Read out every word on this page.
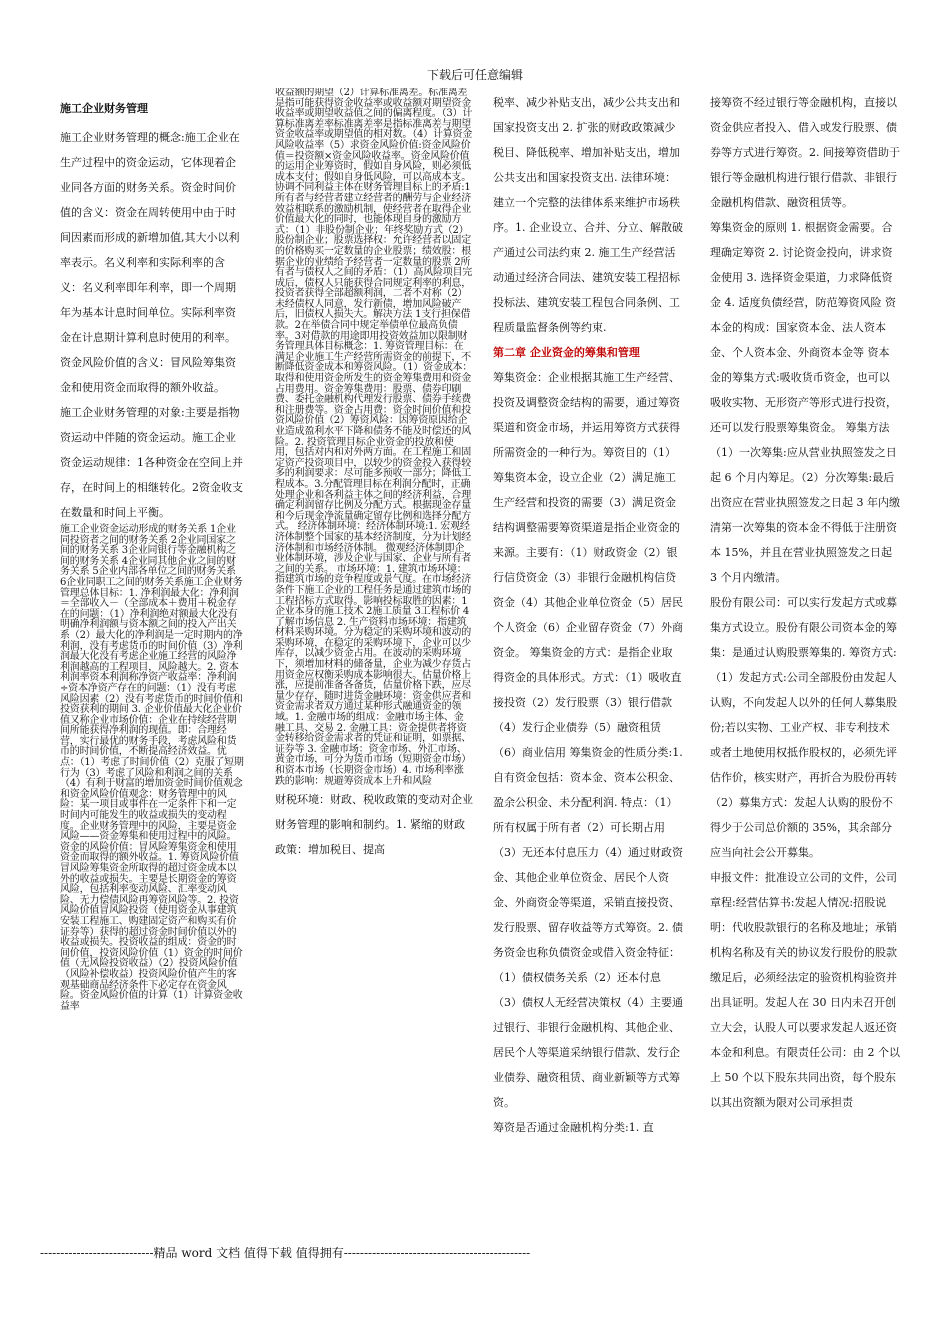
下载后可任意编辑

施工企业财务管理

施工企业财务管理的概念:施工企业在生产过程中的资金运动，它体现着企业同各方面的财务关系。资金时间价值的含义：资金在周转使用中由于时间因素而形成的新增加值,其大小以利率表示。名义利率和实际利率的含义：名义利率即年利率，即一个周期年为基本计息时间单位。实际利率资金在计息期计算利息时使用的利率。 资金风险价值的含义：冒风险筹集资金和使用资金而取得的额外收益。

施工企业财务管理的对象:主要是指物资运动中伴随的资金运动。施工企业资金运动规律：1各种资金在空间上并存，在时间上的相继转化。2资金收支在数量和时间上平衡。

施工企业资金运动形成的财务关系 1企业同投资者之间的财务关系 2企业同国家之间的财务关系 3企业同银行等金融机构之间的财务关系 4企业同其他企业之间的财务关系 5企业内部各单位之间的财务关系 6企业同职工之间的财务关系施工企业财务管理总体目标：1. 净利润最大化：净利润＝全部收入－（全部成本＋费用＋税金存在的问题：（1）净利润绝对额最大化没有明确净利润额与资本额之间的投入产出关系（2）最大化的净利润是一定时期内的净利润，没有考虑货币的时间价值（3）净利润最大化没有考虑企业施工经营的风险净利润越高的工程项目，风险越大。2. 资本利润率资本利润称净资产收益率：净利润÷资本净资产存在的问题：（1）没有考虑风险因素（2）没有考虑货币的时间价值和投资获利的期间 3. 企业价值最大化企业价值又称企业市场价值：企业在持续经营期间所能获得净利润的现值。即：合理经营，实行最优的财务手段，考虑风险和货币的时间价值，不断提高经济效益。优点：（1）考虑了时间价值（2）克服了短期行为（3）考虑了风险和利润之间的关系（4）有利于财富的增加资金时间价值观念和资金风险价值观念：财务管理中的风险：某一项目或事件在一定条件下和一定时间内可能发生的收益或损失的变动程度。企业财务管理中的风险，主要是资金风险——资金筹集和使用过程中的风险。资金的风险价值：冒风险筹集资金和使用资金而取得的额外收益。1. 筹资风险价值冒风险筹集资金所取得的超过资金成本以外的收益或损失。主要是长期资金的筹资风险，包括利率变动风险、汇率变动风险、无力偿债风险再筹资风险等。2. 投资风险价值冒风险投资（使用资金从事建筑安装工程施工、购建固定资产和购买有价证券等）获得的超过资金时间价值以外的收益或损失。投资收益的组成：资金的时间价值，投资风险价值（1）资金的时间价值（无风险投资收益）（2）投资风险价值（风险补偿收益）投资风险价值产生的客观基础商品经济条件下必定存在资金风险。资金风险价值的计算（1）计算资金收益率

收益额的期望（2）计算标准离差。标准离差是指可能获得资金收益率或收益额对期望资金收益率或期望收益值之间的偏离程度。（3）计算标准离差率标准离差率是指标准离差与期望资金收益率或期望值的相对数。（4）计算资金风险收益率（5）求资金风险价值:资金风险价值＝投资额×资金风险收益率。资金风险价值的运用企业筹资时，假如自身风险，则必须低成本支付；假如自身低风险，可以高成本支。协调不同利益主体在财务管理目标上的矛盾:1所有者与经营者建立经营者的酬劳与企业经济效益相联系的激励机制，使经营者在取得企业价值最大化的同时，也能体现自身的激励方式：（1）非股份制企业；年终奖励方式（2）股份制企业；股票选择权：允许经营者以固定的价格购买一定数量的企业股票；绩效股：根据企业的业绩给予经营者一定数量的股票 2所有者与债权人之间的矛盾：（1）高风险项目完成后，债权人只能获得合同规定利率的利息，投资者获得全部超额利润，二者不对称（2）未经债权人同意，发行新债，增加风险破产后，旧债权人损失大。解决方法 1支行担保借款。2在举债合同中规定举债单位最高负债率。3对借款的用途即用投资效益加以限制财务管理具体目标概念：1. 筹资管理目标：在满足企业施工生产经营所需资金的前提下，不断降低资金成本和筹资风险。（1）资金成本：取得和使用资金所发生的资金筹集费用和资金占用费用。资金筹集费用：股票、债券印刷费、委托金融机构代理发行股票、债券手续费和注册费等。资金占用费：资金时间价值和投资风险价值（2）筹资风险：因筹资原因给企业造成盈利水平下降和债务不能及时偿还的风险。2. 投资管理目标企业资金的投放和使用，包括对内和对外两方面。在工程施工和固定资产投资项目中，以较少的资金投入获得较多的利润要求：尽可能多预收一部分；降低工程成本。3.分配管理目标在利润分配时，正确处理企业和各利益主体之间的经济利益，合理确定利润留存比例及分配方式。根据现金存量和今后现金净流量确定留存比例和选择分配方式。 经济体制环境：经济体制环境:1. 宏观经济体制整个国家的基本经济制度，分为计划经济体制和市场经济体制。 微观经济体制即企业体制环境，涉及企业与国家、企业与所有者之间的关系。 市场环境：1. 建筑市场环境：指建筑市场的竞争程度或景气度。在市场经济条件下施工企业的工程任务是通过建筑市场的工程招标方式取得。影响投标取胜的因素：1企业本身的施工技术 2施工质量 3工程标价 4了解市场信息 2. 生产资料市场环境：指建筑材料采购环境。分为稳定的采购环境和波动的采购环境，在稳定的采购环境下，企业可以少库存，以减少资金占用。在波动的采购环境下，须增加材料的储备量，企业为减少存货占用资金应权衡采购成本影响很大。估量价格上涨，应提前准备各备货，估量价格下跌，应尽量少存存，随时进货金融环境：资金供应者和资金需求者双方通过某种形式融通资金的领域。1. 金融市场的组成：金融市场主体、金融工具、交易 2. 金融工具：资金提供者将资金转移给资金需求者的凭证和证明，如票据、证券等 3. 金融市场：资金市场、外汇市场、黄金市场，可分为货币市场（短期资金市场）和资本市场（长期资金市场）4. 市场利率涨跌的影响：规避筹资成本上升和风险

财税环境：财政、税收政策的变动对企业财务管理的影响和制约。1. 紧缩的财政政策：增加税目、提高

税率、减少补贴支出，减少公共支出和国家投资支出 2. 扩张的财政政策减少税目、降低税率、增加补贴支出，增加公共支出和国家投资支出. 法律环境：建立一个完整的法律体系来维护市场秩序。1. 企业设立、合并、分立、解散破产通过公司法约束 2. 施工生产经营活动通过经济合同法、建筑安装工程招标投标法、建筑安装工程包合同条例、工程质量监督条例等约束.

第二章 企业资金的筹集和管理

筹集资金：企业根据其施工生产经营、投资及调整资金结构的需要，通过筹资渠道和资金市场，并运用筹资方式获得所需资金的一种行为。筹资目的（1）筹集资本金，设立企业（2）满足施工生产经营和投资的需要（3）满足资金结构调整需要筹资渠道是指企业资金的来源。主要有：（1）财政资金（2）银行信贷资金（3）非银行金融机构信贷资金（4）其他企业单位资金（5）居民个人资金（6）企业留存资金（7）外商资金。 筹集资金的方式：是指企业取得资金的具体形式。方式：（1）吸收直接投资（2）发行股票（3）银行借款（4）发行企业债券（5）融资租赁（6）商业信用 筹集资金的性质分类:1. 自有资金包括：资本金、资本公积金、盈余公积金、未分配利润. 特点：（1）所有权属于所有者（2）可长期占用（3）无还本付息压力（4）通过财政资金、其他企业单位资金、居民个人资金、外商资金等渠道，采销直接投资、发行股票、留存收益等方式筹资。2. 债务资金也称负债资金或借入资金特征：（1）债权债务关系（2）还本付息（3）债权人无经营决策权（4）主要通过银行、非银行金融机构、其他企业、居民个人等渠道采纳银行借款、发行企业债券、融资租赁、商业新颖等方式筹资。

筹资是否通过金融机构分类:1. 直

接筹资不经过银行等金融机构，直接以资金供应者投入、借入或发行股票、债券等方式进行筹资。2. 间接筹资借助于银行等金融机构进行银行借款、非银行金融机构借款、融资租赁等。

筹集资金的原则 1. 根据资金需要。合理确定筹资 2. 讨论资金投向，讲求资金使用 3. 选择资金渠道，力求降低资金 4. 适度负债经营，防范筹资风险 资本金的构成：国家资本金、法人资本金、个人资本金、外商资本金等 资本金的筹集方式:吸收货币资金，也可以吸收实物、无形资产等形式进行投资，还可以发行股票筹集资金。 筹集方法（1）一次筹集:应从营业执照签发之日起 6 个月内筹足。（2）分次筹集:最后出资应在营业执照签发之日起 3 年内缴清第一次筹集的资本金不得低于注册资本 15%，并且在营业执照签发之日起 3 个月内缴清。

股份有限公司：可以实行发起方式或募集方式设立。股份有限公司资本金的筹集：是通过认购股票筹集的. 筹资方式:（1）发起方式:公司全部股份由发起人认购，不向发起人以外的任何人募集股份;若以实物、工业产权、非专利技术或者土地使用权抵作股权的，必须先评估作价，核实财产，再折合为股份再转（2）募集方式：发起人认购的股份不得少于公司总价额的 35%，其余部分应当向社会公开募集。

申报文件：批准设立公司的文件，公司章程:经营估算书:发起人情况:招股说明：代收股款银行的名称及地址；承销机构名称及有关的协议发行股份的股款缴足后，必须经法定的验资机构验资并出具证明。发起人在 30 日内未召开创立大会，认股人可以要求发起人返还资本金和利息。有限责任公司：由 2 个以上 50 个以下股东共同出资，每个股东以其出资额为限对公司承担责

----------------------------精品 word 文档 值得下载 值得拥有----------------------------------------------
